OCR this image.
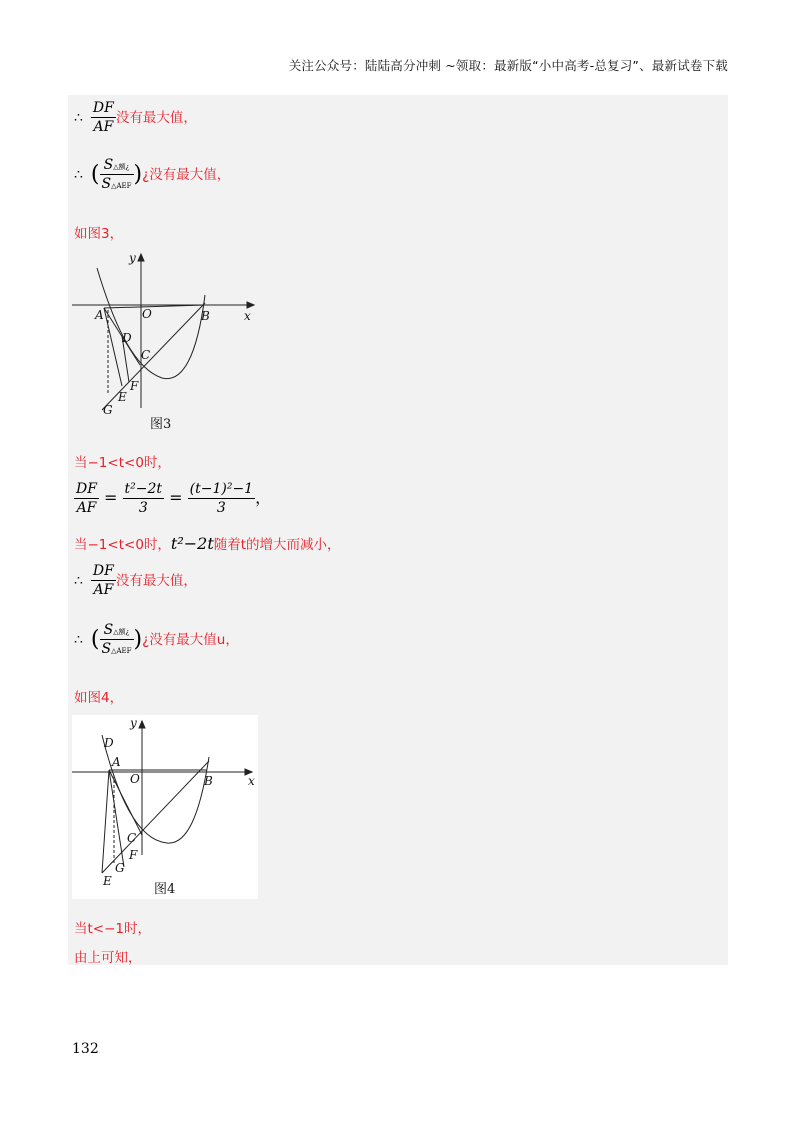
关注公众号：陆陆高分冲刺 ~领取：最新版“小中高考-总复习”、最新试卷下载
∴ $\frac{DF}{AF}$ 没有最大值，
∴ ( $\frac{\text{S△额¿}}{\text{S△AEF}}$ )¿没有最大值，
如图3，
y
x
A	O	B
D
C
F
E
G
图3
当−1<t<0时，
$\frac{DF}{AF} = \frac{\text{t²−2t}}{3} = \frac{\text{(t−1)²−1}}{3}$ ，
当−1<t<0时，t²−2t随着t的增大而减小，
∴ $\frac{DF}{AF}$ 没有最大值，
∴ ( $\frac{\text{S△额¿}}{\text{S△AEF}}$ )¿没有最大值u，
如图4，
y
x
D
A
O	B
C
F
G
E
图4
当t<−1时，
由上可知，
132
